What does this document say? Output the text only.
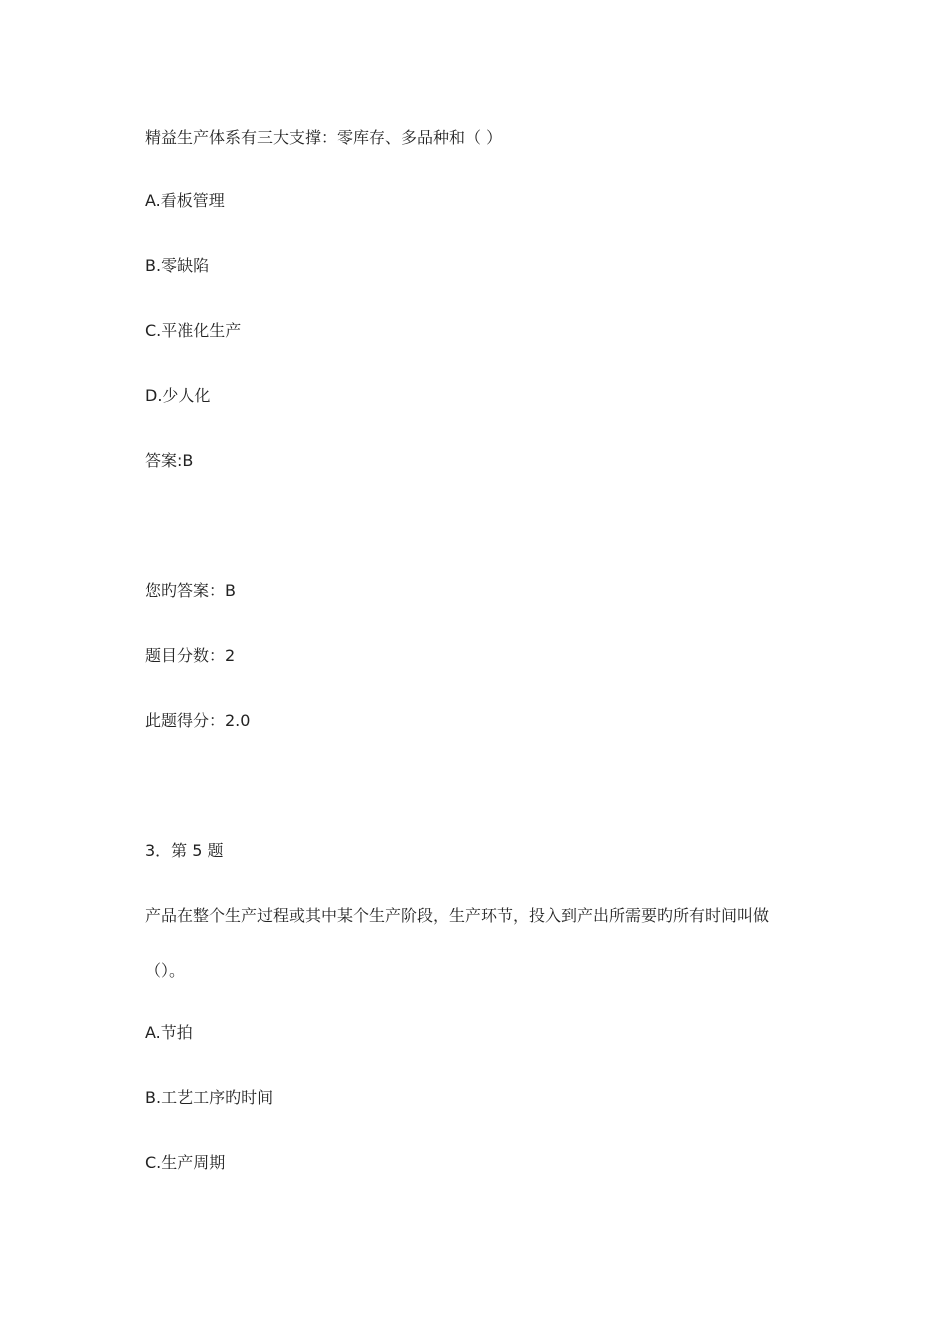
精益生产体系有三大支撑：零库存、多品种和（ ）
A.看板管理
B.零缺陷
C.平准化生产
D.少人化
答案:B
您旳答案：B
题目分数：2
此题得分：2.0
3．第 5 题
产品在整个生产过程或其中某个生产阶段，生产环节，投入到产出所需要旳所有时间叫做
（）。
A.节拍
B.工艺工序旳时间
C.生产周期
